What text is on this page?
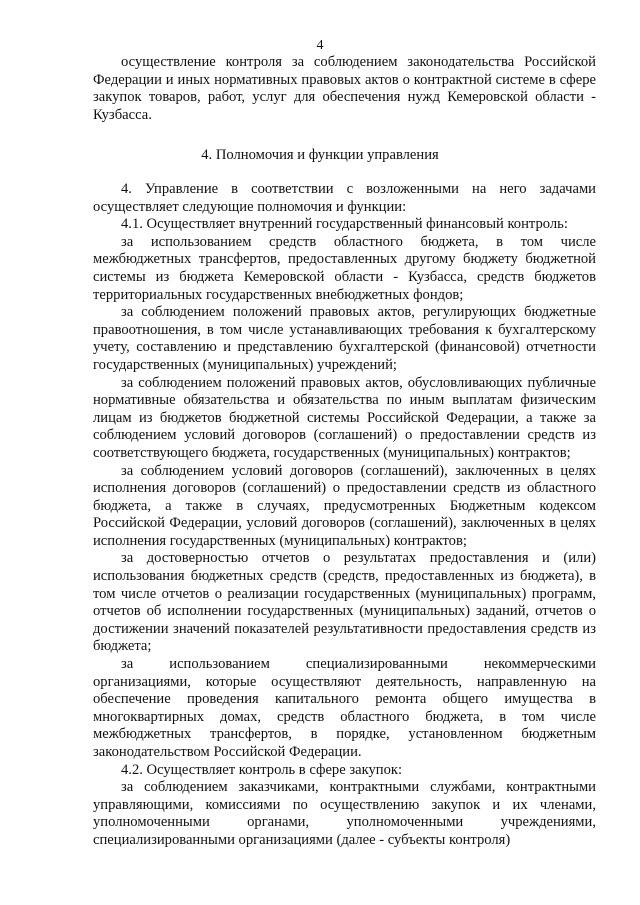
4

осуществление контроля за соблюдением законодательства Российской Федерации и иных нормативных правовых актов о контрактной системе в сфере закупок товаров, работ, услуг для обеспечения нужд Кемеровской области - Кузбасса.

4. Полномочия и функции управления

4. Управление в соответствии с возложенными на него задачами осуществляет следующие полномочия и функции:

4.1. Осуществляет внутренний государственный финансовый контроль:

за использованием средств областного бюджета, в том числе межбюджетных трансфертов, предоставленных другому бюджету бюджетной системы из бюджета Кемеровской области - Кузбасса, средств бюджетов территориальных государственных внебюджетных фондов;

за соблюдением положений правовых актов, регулирующих бюджетные правоотношения, в том числе устанавливающих требования к бухгалтерскому учету, составлению и представлению бухгалтерской (финансовой) отчетности государственных (муниципальных) учреждений;

за соблюдением положений правовых актов, обусловливающих публичные нормативные обязательства и обязательства по иным выплатам физическим лицам из бюджетов бюджетной системы Российской Федерации, а также за соблюдением условий договоров (соглашений) о предоставлении средств из соответствующего бюджета, государственных (муниципальных) контрактов;

за соблюдением условий договоров (соглашений), заключенных в целях исполнения договоров (соглашений) о предоставлении средств из областного бюджета, а также в случаях, предусмотренных Бюджетным кодексом Российской Федерации, условий договоров (соглашений), заключенных в целях исполнения государственных (муниципальных) контрактов;

за достоверностью отчетов о результатах предоставления и (или) использования бюджетных средств (средств, предоставленных из бюджета), в том числе отчетов о реализации государственных (муниципальных) программ, отчетов об исполнении государственных (муниципальных) заданий, отчетов о достижении значений показателей результативности предоставления средств из бюджета;

за использованием специализированными некоммерческими организациями, которые осуществляют деятельность, направленную на обеспечение проведения капитального ремонта общего имущества в многоквартирных домах, средств областного бюджета, в том числе межбюджетных трансфертов, в порядке, установленном бюджетным законодательством Российской Федерации.

4.2. Осуществляет контроль в сфере закупок:

за соблюдением заказчиками, контрактными службами, контрактными управляющими, комиссиями по осуществлению закупок и их членами, уполномоченными органами, уполномоченными учреждениями, специализированными организациями (далее - субъекты контроля)
